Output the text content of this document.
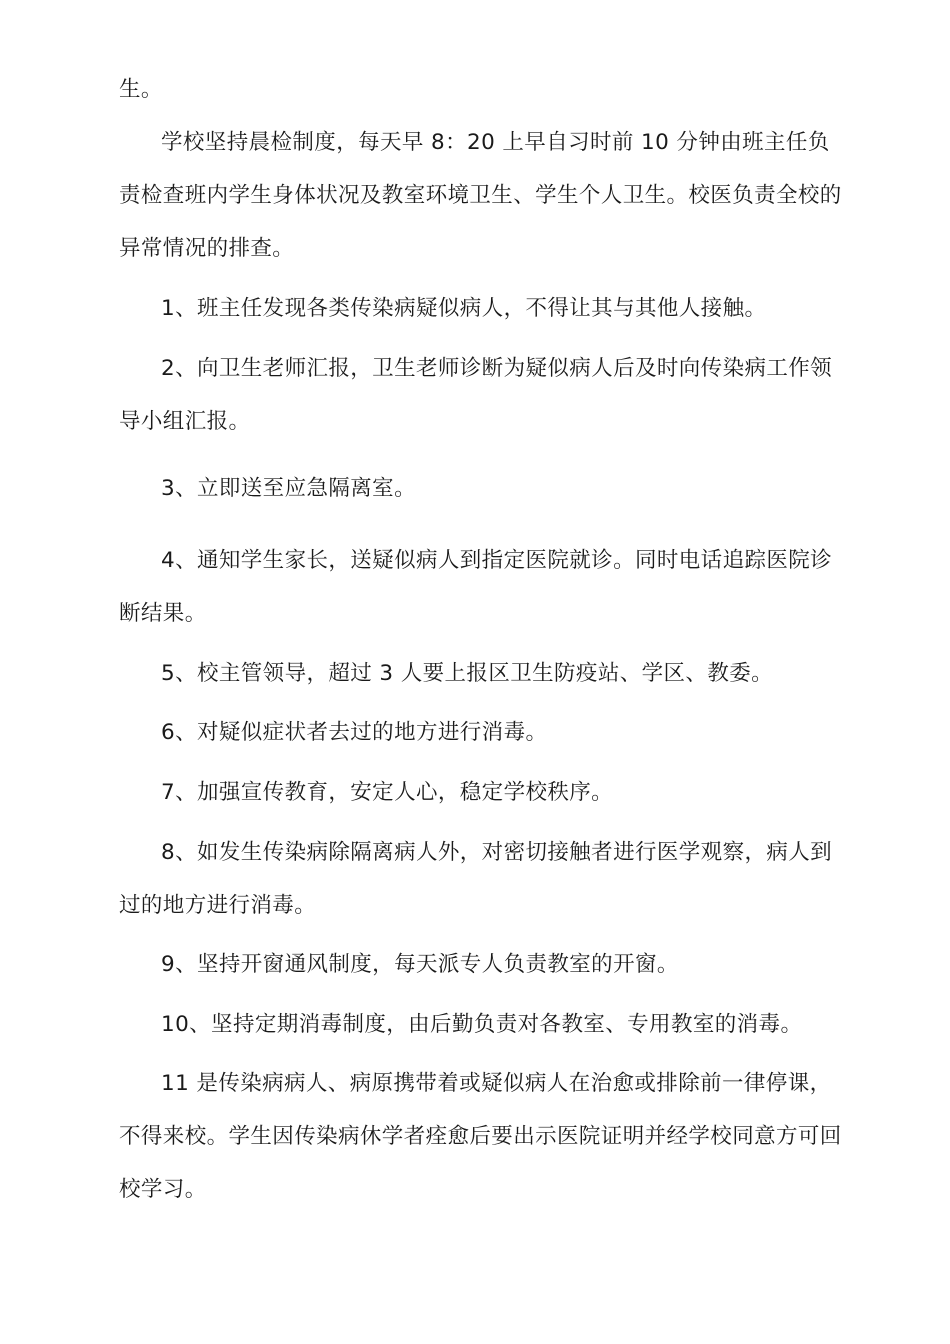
生。

学校坚持晨检制度，每天早 8：20 上早自习时前 10 分钟由班主任负责检查班内学生身体状况及教室环境卫生、学生个人卫生。校医负责全校的异常情况的排查。

1、班主任发现各类传染病疑似病人，不得让其与其他人接触。

2、向卫生老师汇报，卫生老师诊断为疑似病人后及时向传染病工作领导小组汇报。

3、立即送至应急隔离室。

4、通知学生家长，送疑似病人到指定医院就诊。同时电话追踪医院诊断结果。

5、校主管领导，超过 3 人要上报区卫生防疫站、学区、教委。

6、对疑似症状者去过的地方进行消毒。

7、加强宣传教育，安定人心，稳定学校秩序。

8、如发生传染病除隔离病人外，对密切接触者进行医学观察，病人到过的地方进行消毒。

9、坚持开窗通风制度，每天派专人负责教室的开窗。

10、坚持定期消毒制度，由后勤负责对各教室、专用教室的消毒。

11 是传染病病人、病原携带着或疑似病人在治愈或排除前一律停课，不得来校。学生因传染病休学者痊愈后要出示医院证明并经学校同意方可回校学习。
